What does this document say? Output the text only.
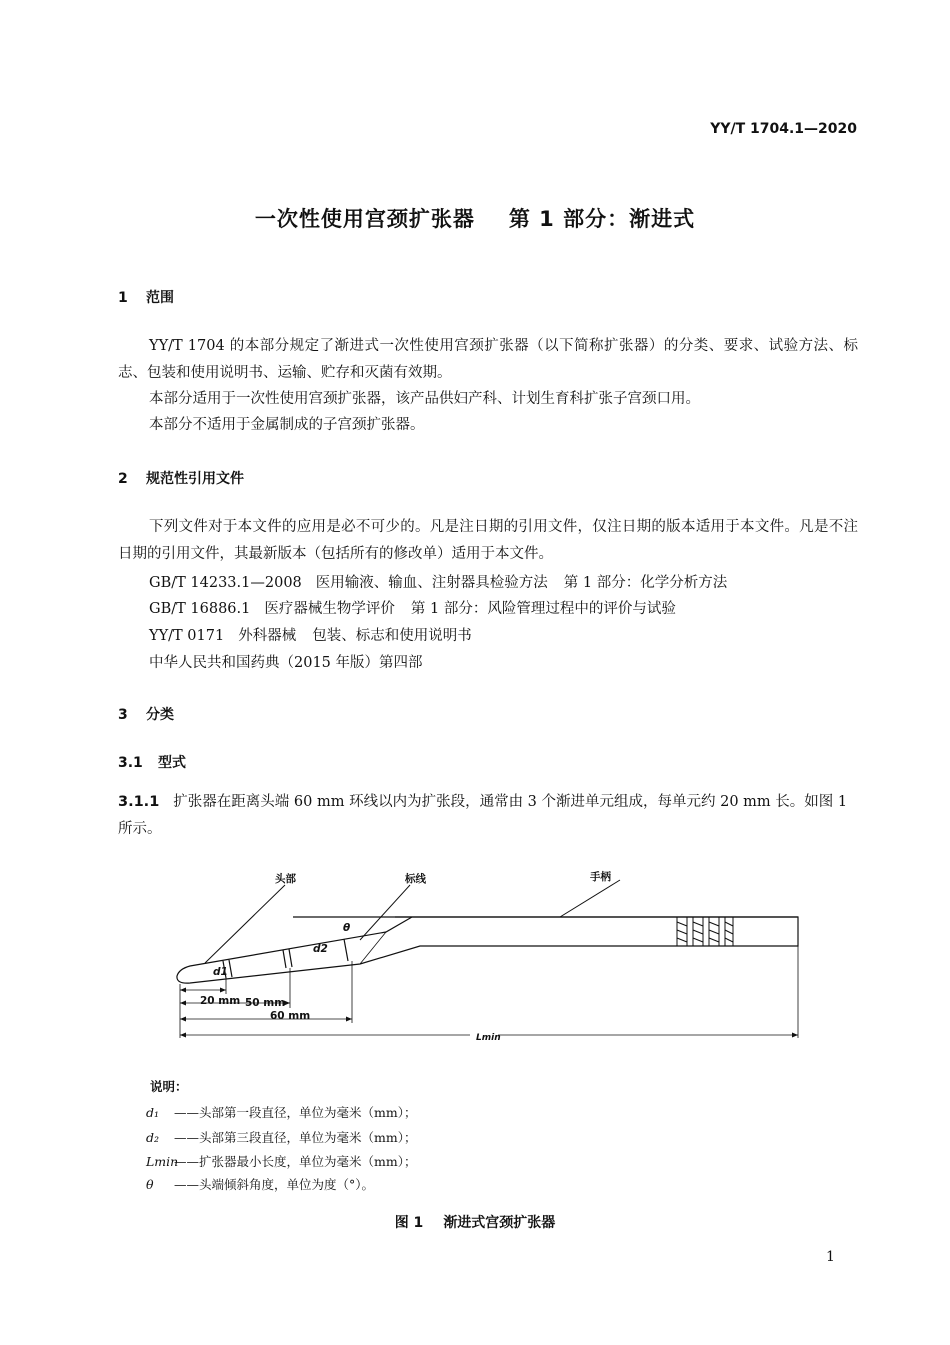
YY/T 1704.1—2020
一次性使用宫颈扩张器 第 1 部分：渐进式
1 范围
YY/T 1704 的本部分规定了渐进式一次性使用宫颈扩张器（以下简称扩张器）的分类、要求、试验方法、标志、包装和使用说明书、运输、贮存和灭菌有效期。
本部分适用于一次性使用宫颈扩张器，该产品供妇产科、计划生育科扩张子宫颈口用。
本部分不适用于金属制成的子宫颈扩张器。
2 规范性引用文件
下列文件对于本文件的应用是必不可少的。凡是注日期的引用文件，仅注日期的版本适用于本文件。凡是不注日期的引用文件，其最新版本（包括所有的修改单）适用于本文件。
GB/T 14233.1—2008 医用输液、输血、注射器具检验方法 第 1 部分：化学分析方法
GB/T 16886.1 医疗器械生物学评价 第 1 部分：风险管理过程中的评价与试验
YY/T 0171 外科器械 包装、标志和使用说明书
中华人民共和国药典（2015 年版）第四部
3 分类
3.1 型式
3.1.1 扩张器在距离头端 60 mm 环线以内为扩张段，通常由 3 个渐进单元组成，每单元约 20 mm 长。如图 1 所示。
头部	标线	手柄
θ
d1
d2
20 mm 50 mm
60 mm
Lmin
说明：
d₁ ——头部第一段直径，单位为毫米（mm）；
d₂ ——头部第三段直径，单位为毫米（mm）；
Lmin——扩张器最小长度，单位为毫米（mm）；
θ ——头端倾斜角度，单位为度（°）。
图 1 渐进式宫颈扩张器
1
